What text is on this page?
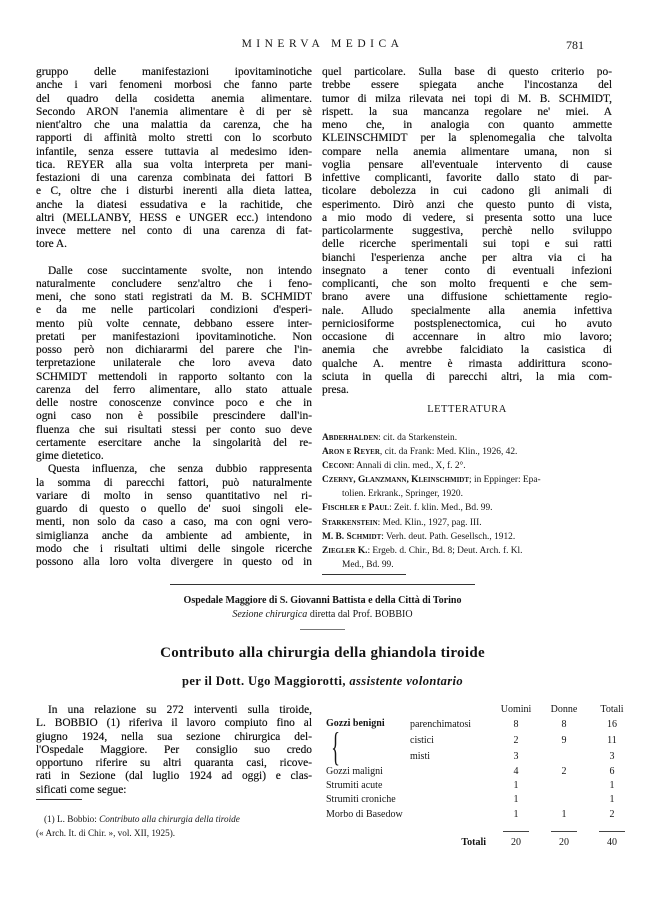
MINERVA MEDICA	781
gruppo delle manifestazioni ipovitaminotiche
anche i vari fenomeni morbosi che fanno parte
del quadro della cosidetta anemia alimentare.
Secondo ARON l'anemia alimentare è di per sè
nient'altro che una malattia da carenza, che ha
rapporti di affinità molto stretti con lo scorbuto
infantile, senza essere tuttavia al medesimo iden-
tica. REYER alla sua volta interpreta per mani-
festazioni di una carenza combinata dei fattori B
e C, oltre che i disturbi inerenti alla dieta lattea,
anche la diatesi essudativa e la rachitide, che
altri (MELLANBY, HESS e UNGER ecc.) intendono
invece mettere nel conto di una carenza di fat-
tore A.
Dalle cose succintamente svolte, non intendo
naturalmente concludere senz'altro che i feno-
meni, che sono stati registrati da M. B. SCHMIDT
e da me nelle particolari condizioni d'esperi-
mento più volte cennate, debbano essere inter-
pretati per manifestazioni ipovitaminotiche. Non
posso però non dichiararmi del parere che l'in-
terpretazione unilaterale che loro aveva dato
SCHMIDT mettendoli in rapporto soltanto con la
carenza del ferro alimentare, allo stato attuale
delle nostre conoscenze convince poco e che in
ogni caso non è possibile prescindere dall'in-
fluenza che sui risultati stessi per conto suo deve
certamente esercitare anche la singolarità del re-
gime dietetico.
Questa influenza, che senza dubbio rappresenta
la somma di parecchi fattori, può naturalmente
variare di molto in senso quantitativo nel ri-
guardo di questo o quello de' suoi singoli ele-
menti, non solo da caso a caso, ma con ogni vero-
simiglianza anche da ambiente ad ambiente, in
modo che i risultati ultimi delle singole ricerche
possono alla loro volta divergere in questo od in
quel particolare. Sulla base di questo criterio po-
trebbe essere spiegata anche l'incostanza del
tumor di milza rilevata nei topi di M. B. SCHMIDT,
rispett. la sua mancanza regolare ne' miei. A
meno che, in analogia con quanto ammette
KLEINSCHMIDT per la splenomegalia che talvolta
compare nella anemia alimentare umana, non si
voglia pensare all'eventuale intervento di cause
infettive complicanti, favorite dallo stato di par-
ticolare debolezza in cui cadono gli animali di
esperimento. Dirò anzi che questo punto di vista,
a mio modo di vedere, si presenta sotto una luce
particolarmente suggestiva, perchè nello sviluppo
delle ricerche sperimentali sui topi e sui ratti
bianchi l'esperienza anche per altra via ci ha
insegnato a tener conto di eventuali infezioni
complicanti, che son molto frequenti e che sem-
brano avere una diffusione schiettamente regio-
nale. Alludo specialmente alla anemia infettiva
perniciosiforme postsplenectomica, cui ho avuto
occasione di accennare in altro mio lavoro;
anemia che avrebbe falcidiato la casistica di
qualche A. mentre è rimasta addirittura scono-
sciuta in quella di parecchi altri, la mia com-
presa.
LETTERATURA
Abderhalden: cit. da Starkenstein.
Aron e Reyer, cit. da Frank: Med. Klin., 1926, 42.
Ceconi: Annali di clin. med., X, f. 2°.
Czerny, Glanzmann, Kleinschmidt; in Eppinger: Epa-
tolien. Erkrank., Springer, 1920.
Fischler e Paul: Zeit. f. klin. Med., Bd. 99.
Starkenstein: Med. Klin., 1927, pag. III.
M. B. Schmidt: Verh. deut. Path. Gesellsch., 1912.
Ziegler K.: Ergeb. d. Chir., Bd. 8; Deut. Arch. f. Kl.
Med., Bd. 99.
Ospedale Maggiore di S. Giovanni Battista e della Città di Torino
Sezione chirurgica diretta dal Prof. BOBBIO
Contributo alla chirurgia della ghiandola tiroide
per il Dott. Ugo Maggiorotti, assistente volontario
In una relazione su 272 interventi sulla tiroide,
L. BOBBIO (1) riferiva il lavoro compiuto fino al
giugno 1924, nella sua sezione chirurgica del-
l'Ospedale Maggiore. Per consiglio suo credo
opportuno riferire su altri quaranta casi, ricove-
rati in Sezione (dal luglio 1924 ad oggi) e clas-
sificati come segue:
(1) L. Bobbio: Contributo alla chirurgia della tiroide
(« Arch. It. di Chir. », vol. XII, 1925).
			Uomini	Donne	Totali
Gozzi benigni {	parenchimatosi		8	8	16
	cistici		2	9	11
	misti		3		3
Gozzi maligni			4	2	6
Strumiti acute			1		1
Strumiti croniche			1		1
Morbo di Basedow			1	1	2

Totali			20	20	40
